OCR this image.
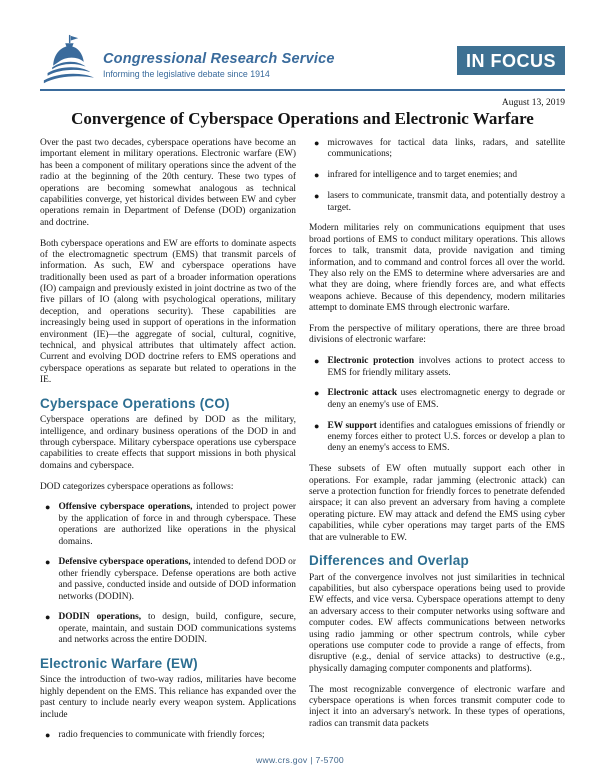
Congressional Research Service
Informing the legislative debate since 1914
IN FOCUS
August 13, 2019
Convergence of Cyberspace Operations and Electronic Warfare

Over the past two decades, cyberspace operations have become an important element in military operations. Electronic warfare (EW) has been a component of military operations since the advent of the radio at the beginning of the 20th century. These two types of operations are becoming somewhat analogous as technical capabilities converge, yet historical divides between EW and cyber operations remain in Department of Defense (DOD) organization and doctrine.

Both cyberspace operations and EW are efforts to dominate aspects of the electromagnetic spectrum (EMS) that transmit parcels of information. As such, EW and cyberspace operations have traditionally been used as part of a broader information operations (IO) campaign and previously existed in joint doctrine as two of the five pillars of IO (along with psychological operations, military deception, and operations security). These capabilities are increasingly being used in support of operations in the information environment (IE)—the aggregate of social, cultural, cognitive, technical, and physical attributes that ultimately affect action. Current and evolving DOD doctrine refers to EMS operations and cyberspace operations as separate but related to operations in the IE.

Cyberspace Operations (CO)

Cyberspace operations are defined by DOD as the military, intelligence, and ordinary business operations of the DOD in and through cyberspace. Military cyberspace operations use cyberspace capabilities to create effects that support missions in both physical domains and cyberspace.

DOD categorizes cyberspace operations as follows:

● Offensive cyberspace operations, intended to project power by the application of force in and through cyberspace. These operations are authorized like operations in the physical domains.
● Defensive cyberspace operations, intended to defend DOD or other friendly cyberspace. Defense operations are both active and passive, conducted inside and outside of DOD information networks (DODIN).
● DODIN operations, to design, build, configure, secure, operate, maintain, and sustain DOD communications systems and networks across the entire DODIN.
Electronic Warfare (EW)

Since the introduction of two-way radios, militaries have become highly dependent on the EMS. This reliance has expanded over the past century to include nearly every weapon system. Applications include

● radio frequencies to communicate with friendly forces;
● microwaves for tactical data links, radars, and satellite communications;
● infrared for intelligence and to target enemies; and
● lasers to communicate, transmit data, and potentially destroy a target.

Modern militaries rely on communications equipment that uses broad portions of EMS to conduct military operations. This allows forces to talk, transmit data, provide navigation and timing information, and to command and control forces all over the world. They also rely on the EMS to determine where adversaries are and what they are doing, where friendly forces are, and what effects weapons achieve. Because of this dependency, modern militaries attempt to dominate EMS through electronic warfare.

From the perspective of military operations, there are three broad divisions of electronic warfare:

● Electronic protection involves actions to protect access to EMS for friendly military assets.
● Electronic attack uses electromagnetic energy to degrade or deny an enemy's use of EMS.
● EW support identifies and catalogues emissions of friendly or enemy forces either to protect U.S. forces or develop a plan to deny an enemy's access to EMS.

These subsets of EW often mutually support each other in operations. For example, radar jamming (electronic attack) can serve a protection function for friendly forces to penetrate defended airspace; it can also prevent an adversary from having a complete operating picture. EW may attack and defend the EMS using cyber capabilities, while cyber operations may target parts of the EMS that are vulnerable to EW.

Differences and Overlap

Part of the convergence involves not just similarities in technical capabilities, but also cyberspace operations being used to provide EW effects, and vice versa. Cyberspace operations attempt to deny an adversary access to their computer networks using software and computer codes. EW affects communications between networks using radio jamming or other spectrum controls, while cyber operations use computer code to provide a range of effects, from disruptive (e.g., denial of service attacks) to destructive (e.g., physically damaging computer components and platforms).

The most recognizable convergence of electronic warfare and cyberspace operations is when forces transmit computer code to inject it into an adversary's network. In these types of operations, radios can transmit data packets

www.crs.gov | 7-5700
